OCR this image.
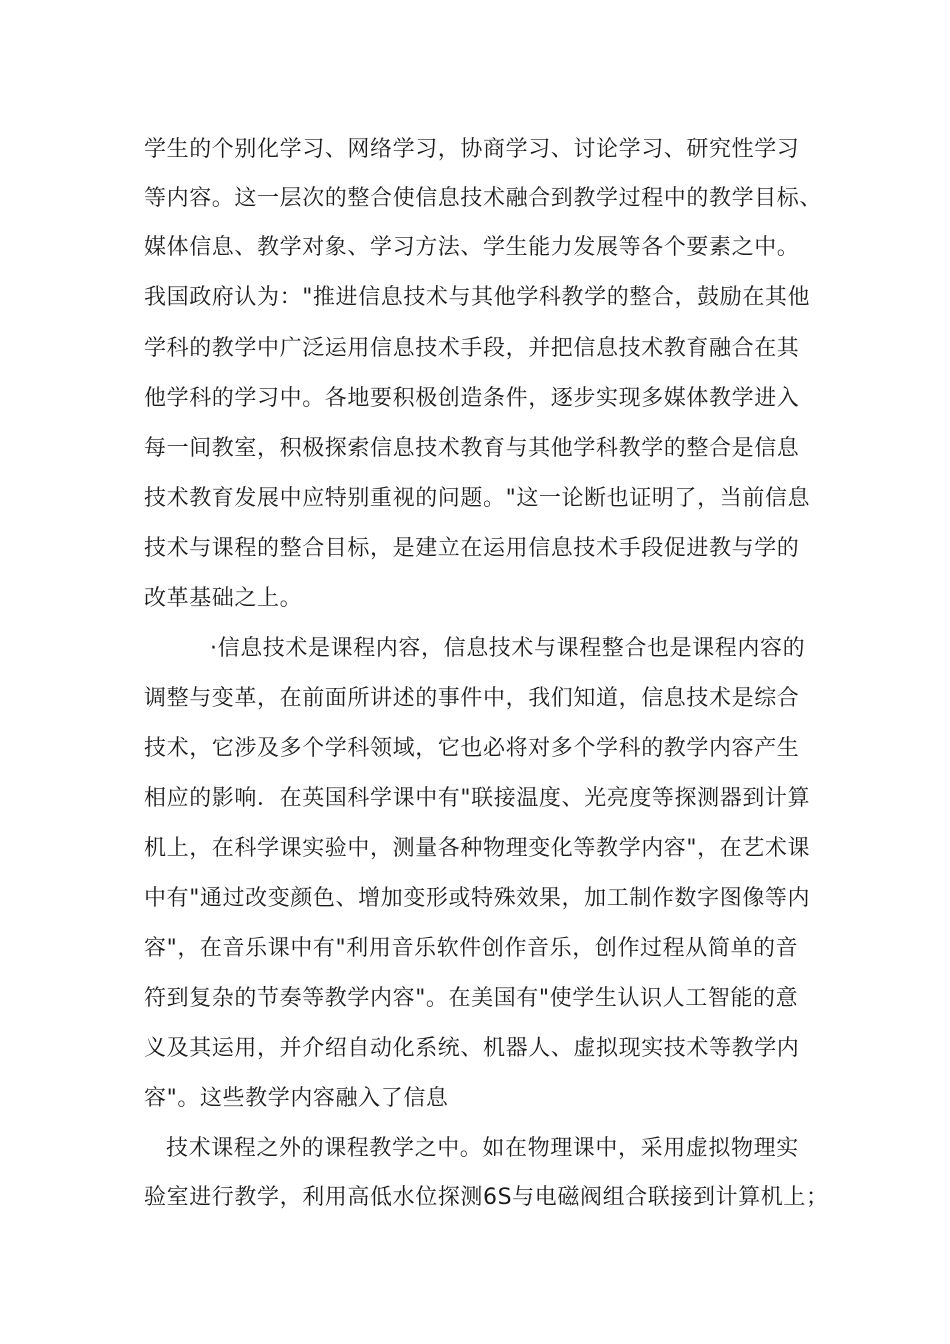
学生的个别化学习、网络学习，协商学习、讨论学习、研究性学习
等内容。这一层次的整合使信息技术融合到教学过程中的教学目标、
媒体信息、教学对象、学习方法、学生能力发展等各个要素之中。
我国政府认为："推进信息技术与其他学科教学的整合，鼓励在其他
学科的教学中广泛运用信息技术手段，并把信息技术教育融合在其
他学科的学习中。各地要积极创造条件，逐步实现多媒体教学进入
每一间教室，积极探索信息技术教育与其他学科教学的整合是信息
技术教育发展中应特别重视的问题。"这一论断也证明了，当前信息
技术与课程的整合目标，是建立在运用信息技术手段促进教与学的
改革基础之上。
·信息技术是课程内容，信息技术与课程整合也是课程内容的
调整与变革，在前面所讲述的事件中，我们知道，信息技术是综合
技术，它涉及多个学科领域，它也必将对多个学科的教学内容产生
相应的影响．在英国科学课中有"联接温度、光亮度等探测器到计算
机上，在科学课实验中，测量各种物理变化等教学内容"，在艺术课
中有"通过改变颜色、增加变形或特殊效果，加工制作数字图像等内
容"，在音乐课中有"利用音乐软件创作音乐，创作过程从简单的音
符到复杂的节奏等教学内容"。在美国有"使学生认识人工智能的意
义及其运用，并介绍自动化系统、机器人、虚拟现实技术等教学内
容"。这些教学内容融入了信息
技术课程之外的课程教学之中。如在物理课中，采用虚拟物理实
验室进行教学，利用高低水位探测6S与电磁阀组合联接到计算机上；
